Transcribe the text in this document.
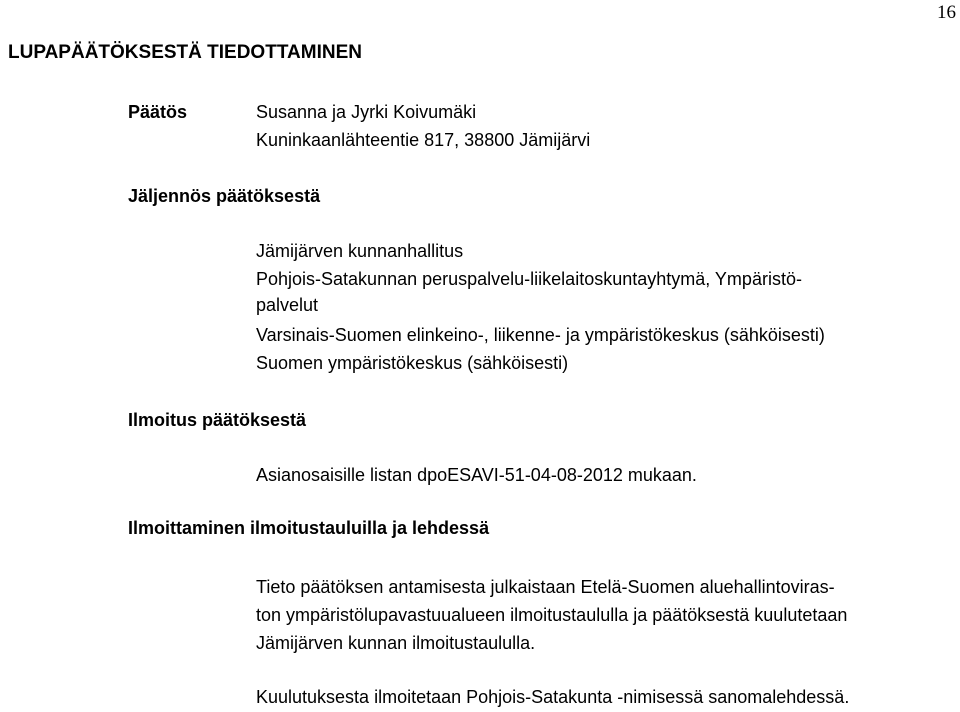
16
LUPAPÄÄTÖKSESTÄ TIEDOTTAMINEN
Päätös	Susanna ja Jyrki Koivumäki
Kuninkaanlähteentie 817, 38800 Jämijärvi
Jäljennös päätöksestä
Jämijärven kunnanhallitus
Pohjois-Satakunnan peruspalvelu-liikelaitoskuntayhtymä, Ympäristö-
palvelut
Varsinais-Suomen elinkeino-, liikenne- ja ympäristökeskus (sähköisesti)
Suomen ympäristökeskus (sähköisesti)
Ilmoitus päätöksestä
Asianosaisille listan dpoESAVI-51-04-08-2012 mukaan.
Ilmoittaminen ilmoitustauluilla ja lehdessä
Tieto päätöksen antamisesta julkaistaan Etelä-Suomen aluehallintoviras-
ton ympäristölupavastuualueen ilmoitustaululla ja päätöksestä kuulutetaan
Jämijärven kunnan ilmoitustaululla.
Kuulutuksesta ilmoitetaan Pohjois-Satakunta -nimisessä sanomalehdessä.
